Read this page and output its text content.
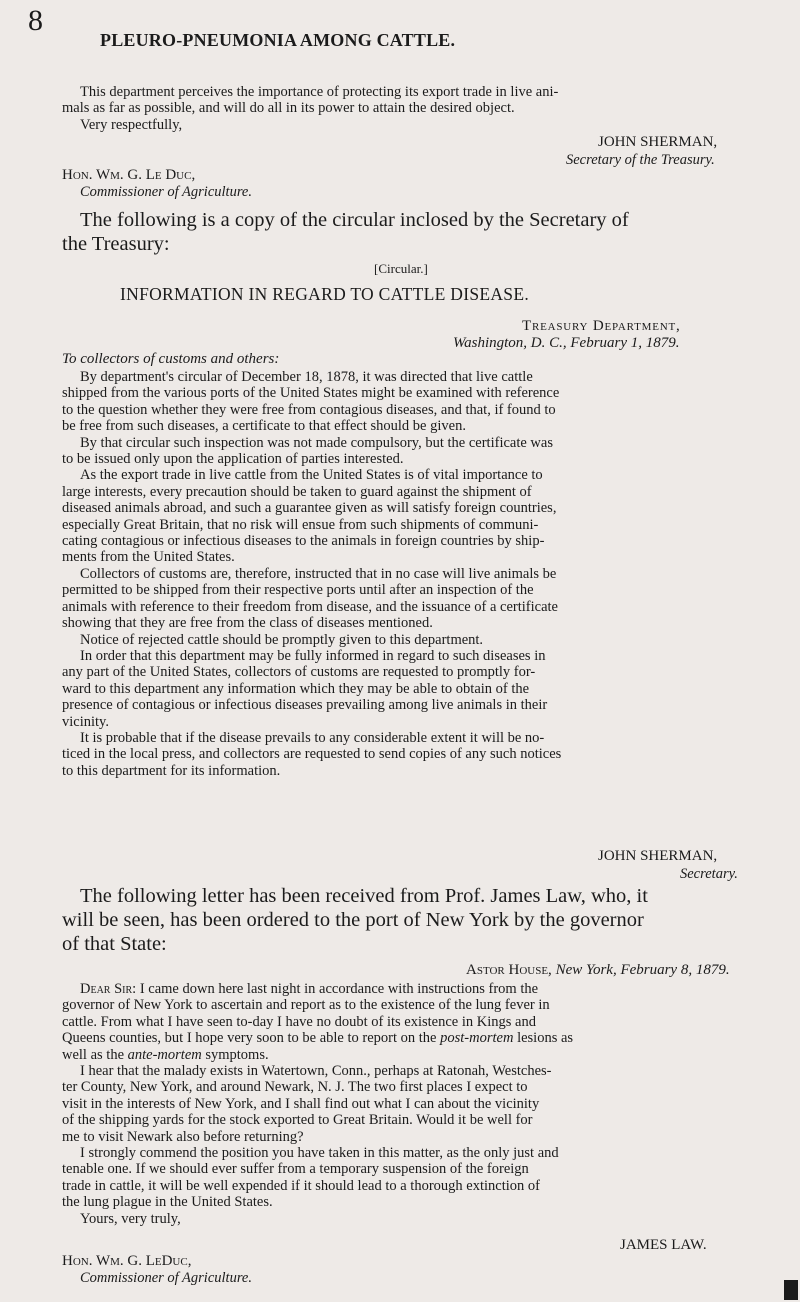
8
PLEURO-PNEUMONIA AMONG CATTLE.

This department perceives the importance of protecting its export trade in live ani-

mals as far as possible, and will do all in its power to attain the desired object.

Very respectfully,

JOHN SHERMAN,
Secretary of the Treasury.
Hon. Wm. G. Le Duc,
Commissioner of Agriculture.

The following is a copy of the circular inclosed by the Secretary of

the Treasury:

[Circular.]
INFORMATION IN REGARD TO CATTLE DISEASE.
Treasury Department,
Washington, D. C., February 1, 1879.
To collectors of customs and others:

By department's circular of December 18, 1878, it was directed that live cattle

shipped from the various ports of the United States might be examined with reference

to the question whether they were free from contagious diseases, and that, if found to

be free from such diseases, a certificate to that effect should be given.

By that circular such inspection was not made compulsory, but the certificate was

to be issued only upon the application of parties interested.

As the export trade in live cattle from the United States is of vital importance to

large interests, every precaution should be taken to guard against the shipment of

diseased animals abroad, and such a guarantee given as will satisfy foreign countries,

especially Great Britain, that no risk will ensue from such shipments of communi-

cating contagious or infectious diseases to the animals in foreign countries by ship-

ments from the United States.

Collectors of customs are, therefore, instructed that in no case will live animals be

permitted to be shipped from their respective ports until after an inspection of the

animals with reference to their freedom from disease, and the issuance of a certificate

showing that they are free from the class of diseases mentioned.

Notice of rejected cattle should be promptly given to this department.

In order that this department may be fully informed in regard to such diseases in

any part of the United States, collectors of customs are requested to promptly for-

ward to this department any information which they may be able to obtain of the

presence of contagious or infectious diseases prevailing among live animals in their

vicinity.

It is probable that if the disease prevails to any considerable extent it will be no-

ticed in the local press, and collectors are requested to send copies of any such notices

to this department for its information.

JOHN SHERMAN,
Secretary.

The following letter has been received from Prof. James Law, who, it

will be seen, has been ordered to the port of New York by the governor

of that State:

Astor House, New York, February 8, 1879.

Dear Sir: I came down here last night in accordance with instructions from the

governor of New York to ascertain and report as to the existence of the lung fever in

cattle. From what I have seen to-day I have no doubt of its existence in Kings and

Queens counties, but I hope very soon to be able to report on the post-mortem lesions as

well as the ante-mortem symptoms.

I hear that the malady exists in Watertown, Conn., perhaps at Ratonah, Westches-

ter County, New York, and around Newark, N. J. The two first places I expect to

visit in the interests of New York, and I shall find out what I can about the vicinity

of the shipping yards for the stock exported to Great Britain. Would it be well for

me to visit Newark also before returning?

I strongly commend the position you have taken in this matter, as the only just and

tenable one. If we should ever suffer from a temporary suspension of the foreign

trade in cattle, it will be well expended if it should lead to a thorough extinction of

the lung plague in the United States.

Yours, very truly,

JAMES LAW.
Hon. Wm. G. LeDuc,
Commissioner of Agriculture.
